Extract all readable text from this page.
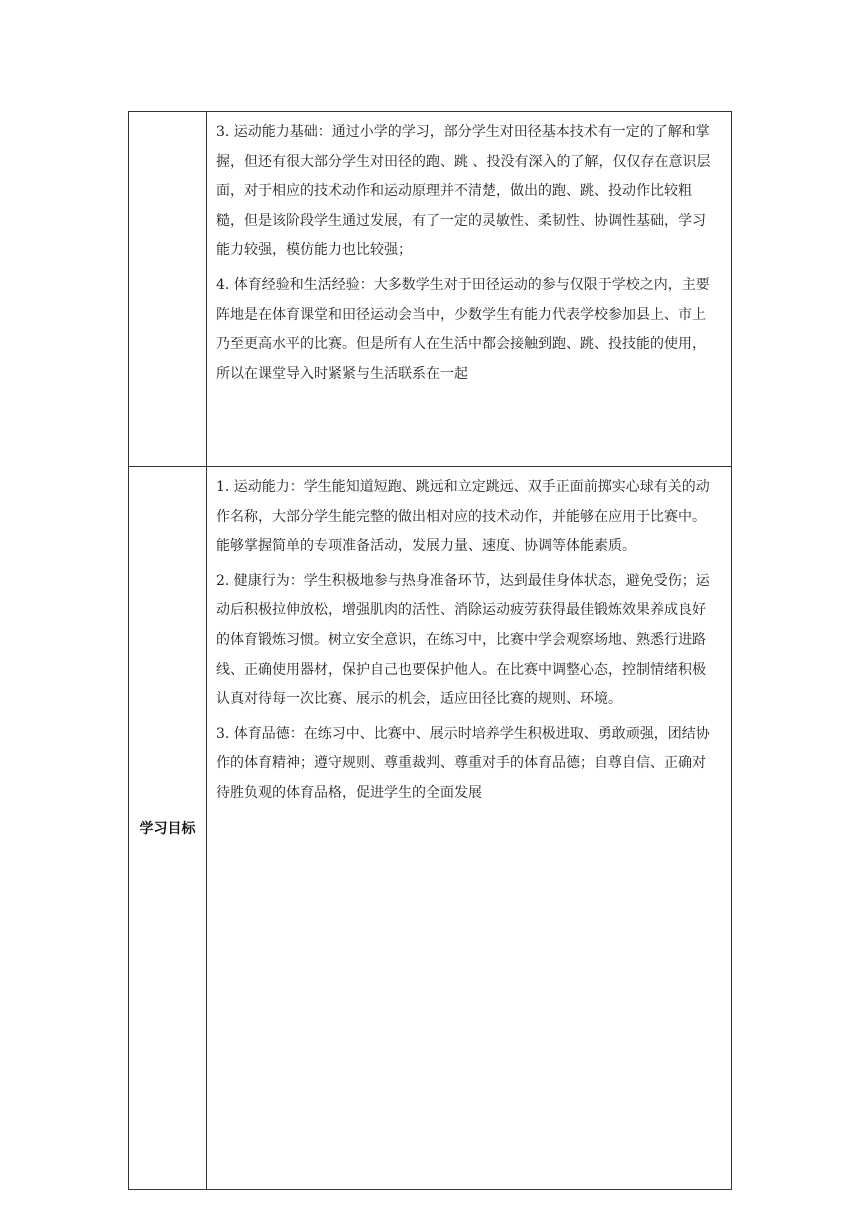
3. 运动能力基础：通过小学的学习，部分学生对田径基本技术有一定的了解和掌握，但还有很大部分学生对田径的跑、跳 、投没有深入的了解，仅仅存在意识层面，对于相应的技术动作和运动原理并不清楚，做出的跑、跳、投动作比较粗糙，但是该阶段学生通过发展，有了一定的灵敏性、柔韧性、协调性基础，学习能力较强，模仿能力也比较强；

4. 体育经验和生活经验：大多数学生对于田径运动的参与仅限于学校之内，主要阵地是在体育课堂和田径运动会当中，少数学生有能力代表学校参加县上、市上乃至更高水平的比赛。但是所有人在生活中都会接触到跑、跳、投技能的使用，所以在课堂导入时紧紧与生活联系在一起

学习目标

1. 运动能力：学生能知道短跑、跳远和立定跳远、双手正面前掷实心球有关的动作名称，大部分学生能完整的做出相对应的技术动作，并能够在应用于比赛中。能够掌握简单的专项准备活动，发展力量、速度、协调等体能素质。

2. 健康行为：学生积极地参与热身准备环节，达到最佳身体状态，避免受伤；运动后积极拉伸放松，增强肌肉的活性、消除运动疲劳获得最佳锻炼效果养成良好的体育锻炼习惯。树立安全意识，在练习中，比赛中学会观察场地、熟悉行进路线、正确使用器材，保护自己也要保护他人。在比赛中调整心态，控制情绪积极认真对待每一次比赛、展示的机会，适应田径比赛的规则、环境。

3. 体育品德：在练习中、比赛中、展示时培养学生积极进取、勇敢顽强，团结协作的体育精神；遵守规则、尊重裁判、尊重对手的体育品德；自尊自信、正确对待胜负观的体育品格，促进学生的全面发展
